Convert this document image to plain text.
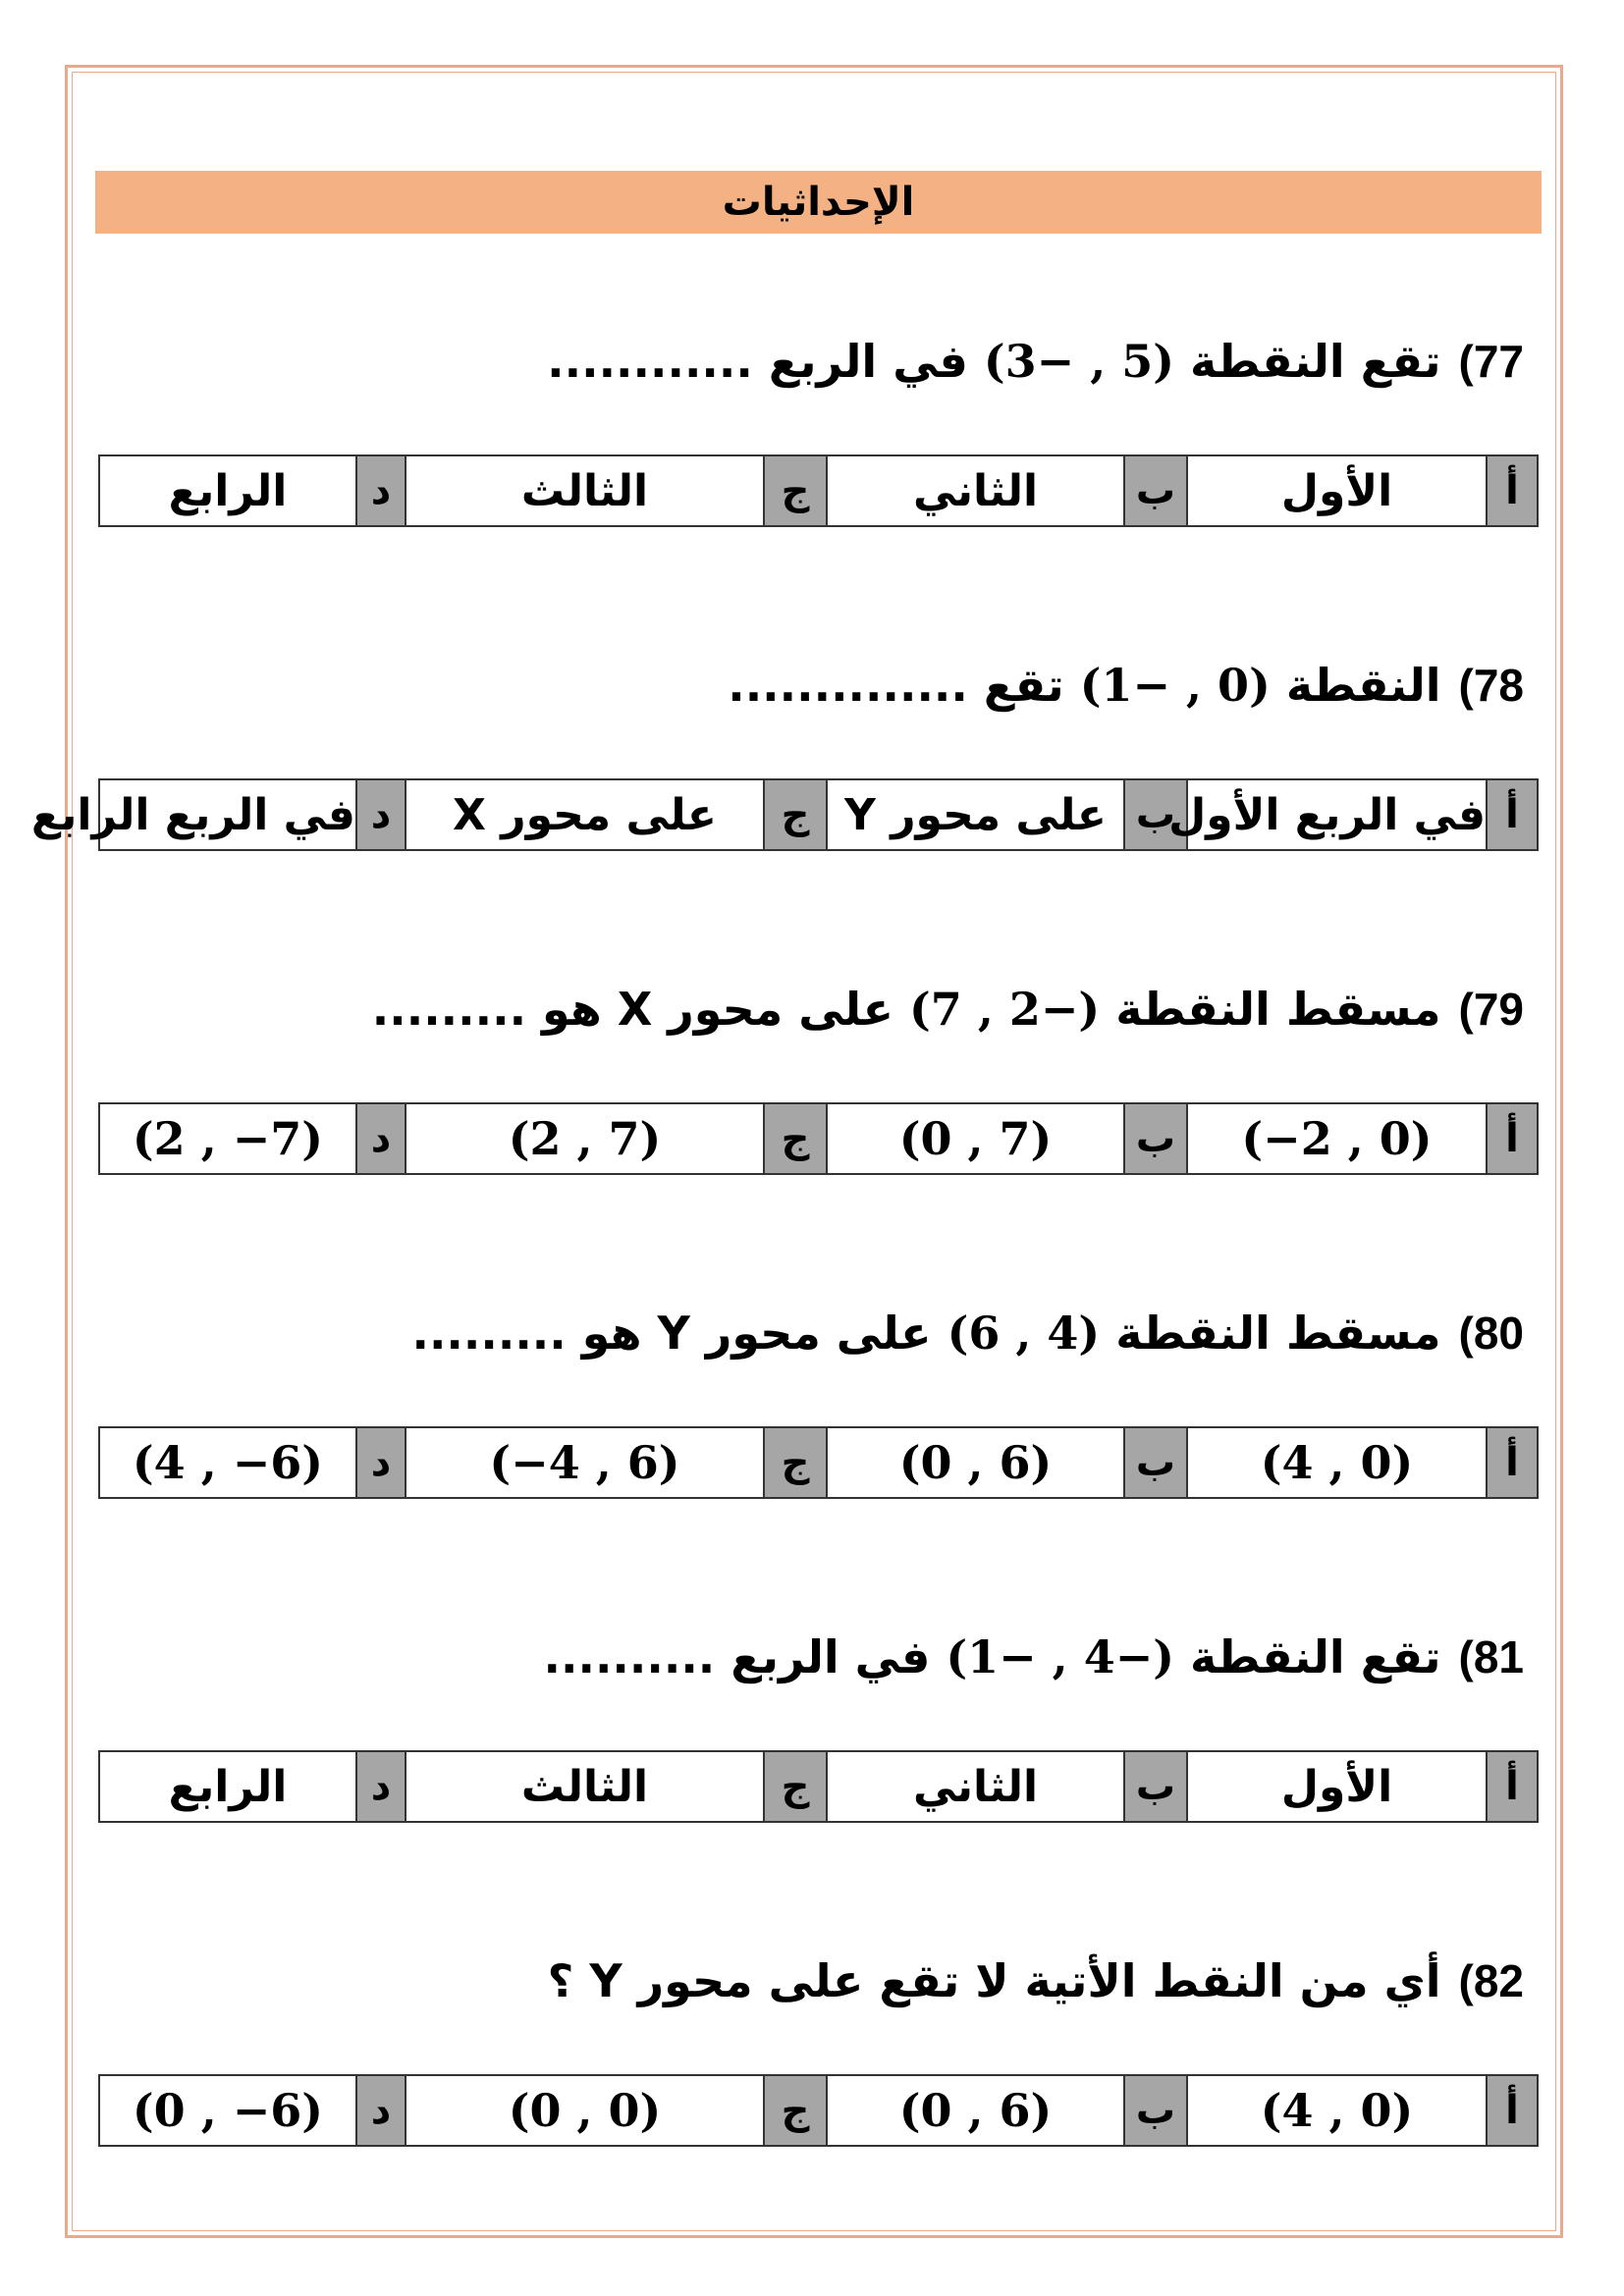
الإحداثيات
77)تقع النقطة (3− , 5) في الربع ............
أ	الأول	ب	الثاني	ج	الثالث	د	الرابع
78)النقطة (1− , 0) تقع ..............
أ	في الربع الأول	ب	على محور Y	ج	على محور X	د	في الربع الرابع
79)مسقط النقطة (7 , 2−) على محور X هو .........
أ	(−2 , 0)	ب	(0 , 7)	ج	(2 , 7)	د	(2 , −7)
80)مسقط النقطة (6 , 4) على محور Y هو .........
أ	(4 , 0)	ب	(0 , 6)	ج	(−4 , 6)	د	(4 , −6)
81)تقع النقطة (1− , 4−) في الربع ..........
أ	الأول	ب	الثاني	ج	الثالث	د	الرابع
82)أي من النقط الأتية لا تقع على محور Y ؟
أ	(4 , 0)	ب	(0 , 6)	ج	(0 , 0)	د	(0 , −6)
